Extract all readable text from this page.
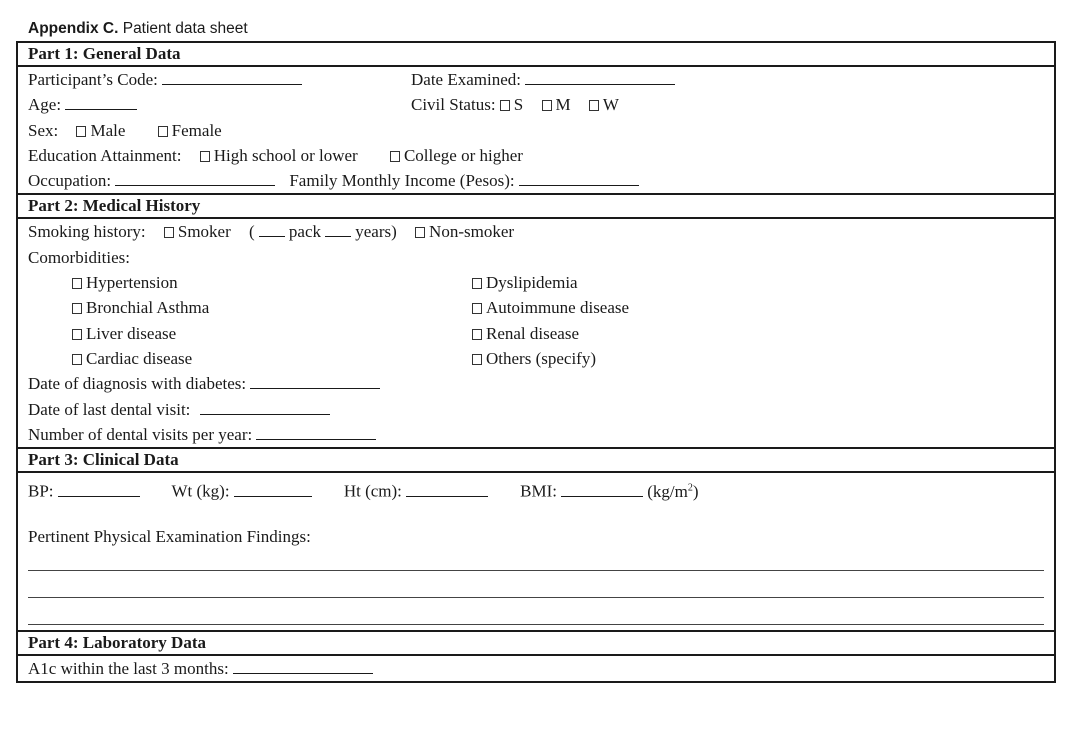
Appendix C. Patient data sheet
Part 1: General Data
Participant’s Code:	Date Examined:
Age:	Civil Status: S M W
Sex: Male	Female
Education Attainment: High school or lower	College or higher
Occupation:	Family Monthly Income (Pesos):
Part 2: Medical History
Smoking history: Smoker ( pack years) Non-smoker
Comorbidities:
Hypertension	Dyslipidemia
Bronchial Asthma	Autoimmune disease
Liver disease	Renal disease
Cardiac disease	Others (specify)
Date of diagnosis with diabetes:
Date of last dental visit:
Number of dental visits per year:
Part 3: Clinical Data
BP:	Wt (kg):	Ht (cm):	BMI:	$(kg/m^2)$
Pertinent Physical Examination Findings:
Part 4: Laboratory Data
A1c within the last 3 months:
